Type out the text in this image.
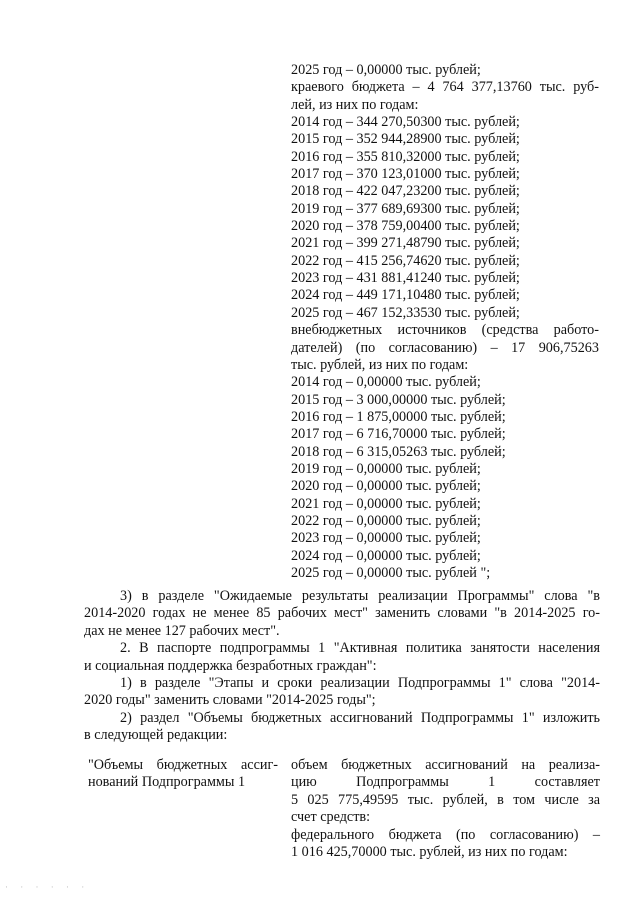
2025 год – 0,00000 тыс. рублей;
краевого бюджета – 4 764 377,13760 тыс. руб-
лей, из них по годам:
2014 год – 344 270,50300 тыс. рублей;
2015 год – 352 944,28900 тыс. рублей;
2016 год – 355 810,32000 тыс. рублей;
2017 год – 370 123,01000 тыс. рублей;
2018 год – 422 047,23200 тыс. рублей;
2019 год – 377 689,69300 тыс. рублей;
2020 год – 378 759,00400 тыс. рублей;
2021 год – 399 271,48790 тыс. рублей;
2022 год – 415 256,74620 тыс. рублей;
2023 год – 431 881,41240 тыс. рублей;
2024 год – 449 171,10480 тыс. рублей;
2025 год – 467 152,33530 тыс. рублей;
внебюджетных источников (средства работо-
дателей) (по согласованию) – 17 906,75263
тыс. рублей, из них по годам:
2014 год – 0,00000 тыс. рублей;
2015 год – 3 000,00000 тыс. рублей;
2016 год – 1 875,00000 тыс. рублей;
2017 год – 6 716,70000 тыс. рублей;
2018 год – 6 315,05263 тыс. рублей;
2019 год – 0,00000 тыс. рублей;
2020 год – 0,00000 тыс. рублей;
2021 год – 0,00000 тыс. рублей;
2022 год – 0,00000 тыс. рублей;
2023 год – 0,00000 тыс. рублей;
2024 год – 0,00000 тыс. рублей;
2025 год – 0,00000 тыс. рублей ";
3) в разделе "Ожидаемые результаты реализации Программы" слова "в
2014-2020 годах не менее 85 рабочих мест" заменить словами "в 2014-2025 го-
дах не менее 127 рабочих мест".
2. В паспорте подпрограммы 1 "Активная политика занятости населения
и социальная поддержка безработных граждан":
1) в разделе "Этапы и сроки реализации Подпрограммы 1" слова "2014-
2020 годы" заменить словами "2014-2025 годы";
2) раздел "Объемы бюджетных ассигнований Подпрограммы 1" изложить
в следующей редакции:
"Объемы бюджетных ассиг-
нований Подпрограммы 1
объем бюджетных ассигнований на реализа-
цию Подпрограммы 1 составляет
5 025 775,49595 тыс. рублей, в том числе за
счет средств:
федерального бюджета (по согласованию) –
1 016 425,70000 тыс. рублей, из них по годам:
· · · · · ·
